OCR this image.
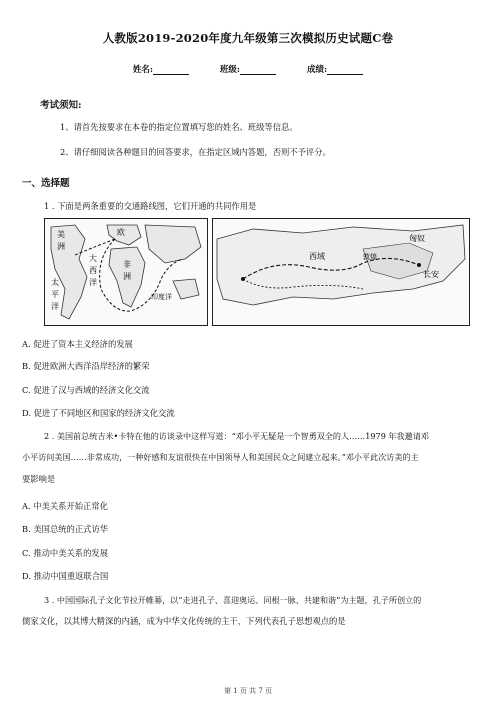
人教版2019-2020年度九年级第三次模拟历史试题C卷
姓名:	班级:	成绩:
考试须知:
1、请首先按要求在本卷的指定位置填写您的姓名、班级等信息。
2、请仔细阅读各种题目的回答要求，在指定区域内答题，否则不予评分。
一、选择题
1 . 下面是两条重要的交通路线图，它们开通的共同作用是
美
洲
大
西
洋
欧
非
洲
太
平
洋
印度洋
匈奴
长安
敦煌
西域
A. 促进了资本主义经济的发展
B. 促进欧洲大西洋沿岸经济的繁荣
C. 促进了汉与西域的经济文化交流
D. 促进了不同地区和国家的经济文化交流
2 . 美国前总统吉米•卡特在他的访谈录中这样写道：“邓小平无疑是一个智勇双全的人……1979 年我邀请邓
小平访问美国……非常成功，一种好感和友谊很快在中国领导人和美国民众之间建立起来。”邓小平此次访美的主
要影响是
A. 中美关系开始正常化
B. 美国总统的正式访华
C. 推动中美关系的发展
D. 推动中国重返联合国
3 . 中国国际孔子文化节拉开帷幕，以“走进孔子、喜迎奥运、同根一脉、共建和谐”为主题，孔子所创立的
儒家文化，以其博大精深的内涵，成为中华文化传统的主干，下列代表孔子思想观点的是
第 1 页 共 7 页
